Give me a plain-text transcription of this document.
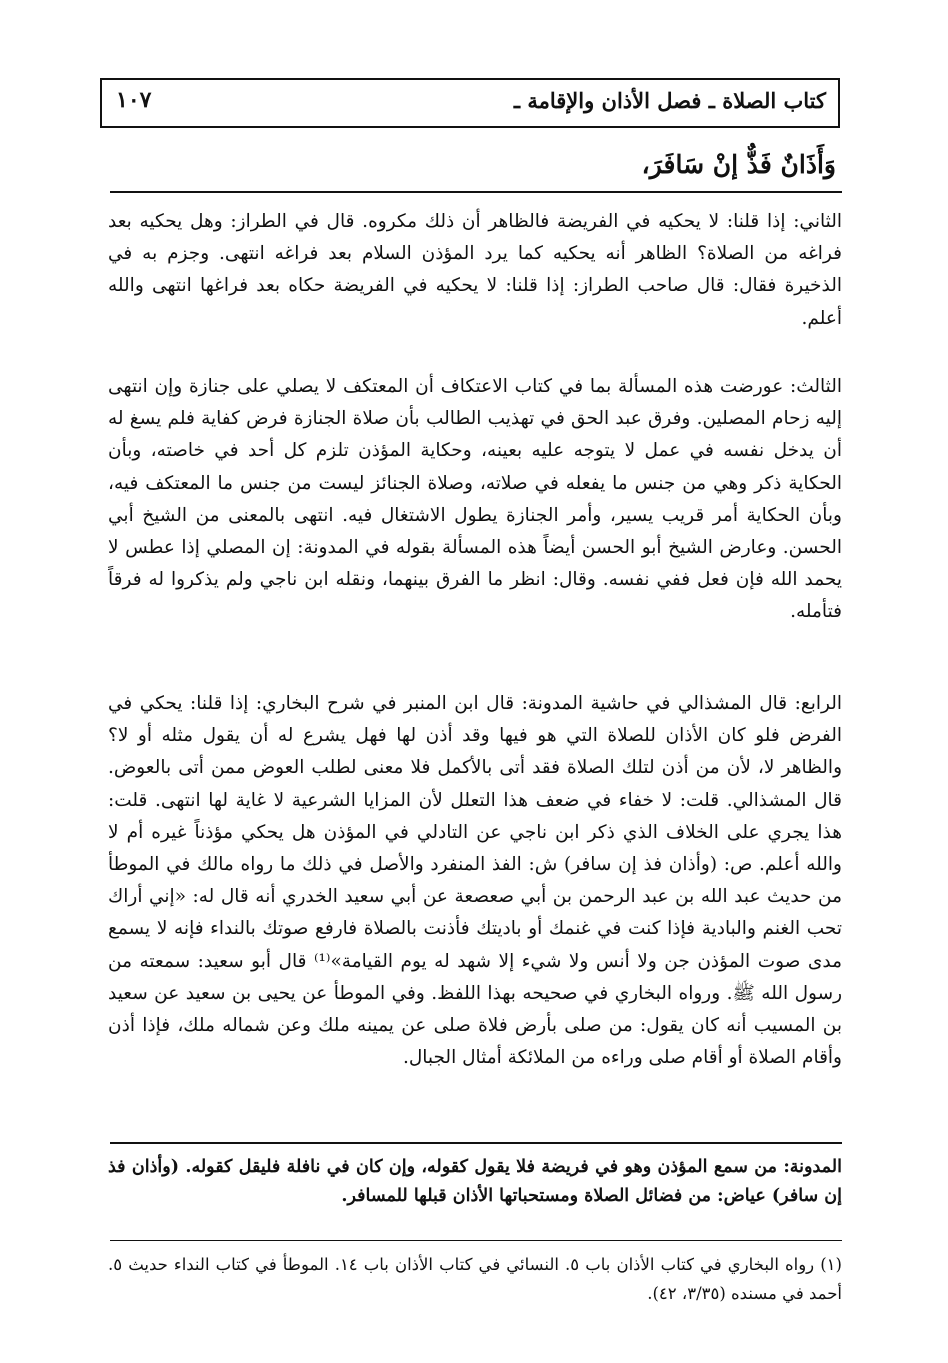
كتاب الصلاة ـ فصل الأذان والإقامة ـ
١٠٧
وَأَذَانٌ فَذٌّ إنْ سَافَرَ،

الثاني: إذا قلنا: لا يحكيه في الفريضة فالظاهر أن ذلك مكروه. قال في الطراز: وهل يحكيه بعد فراغه من الصلاة؟ الظاهر أنه يحكيه كما يرد المؤذن السلام بعد فراغه انتهى. وجزم به في الذخيرة فقال: قال صاحب الطراز: إذا قلنا: لا يحكيه في الفريضة حكاه بعد فراغها انتهى والله أعلم.

الثالث: عورضت هذه المسألة بما في كتاب الاعتكاف أن المعتكف لا يصلي على جنازة وإن انتهى إليه زحام المصلين. وفرق عبد الحق في تهذيب الطالب بأن صلاة الجنازة فرض كفاية فلم يسغ له أن يدخل نفسه في عمل لا يتوجه عليه بعينه، وحكاية المؤذن تلزم كل أحد في خاصته، وبأن الحكاية ذكر وهي من جنس ما يفعله في صلاته، وصلاة الجنائز ليست من جنس ما المعتكف فيه، وبأن الحكاية أمر قريب يسير، وأمر الجنازة يطول الاشتغال فيه. انتهى بالمعنى من الشيخ أبي الحسن. وعارض الشيخ أبو الحسن أيضاً هذه المسألة بقوله في المدونة: إن المصلي إذا عطس لا يحمد الله فإن فعل ففي نفسه. وقال: انظر ما الفرق بينهما، ونقله ابن ناجي ولم يذكروا له فرقاً فتأمله.

الرابع: قال المشذالي في حاشية المدونة: قال ابن المنبر في شرح البخاري: إذا قلنا: يحكي في الفرض فلو كان الأذان للصلاة التي هو فيها وقد أذن لها فهل يشرع له أن يقول مثله أو لا؟ والظاهر لا، لأن من أذن لتلك الصلاة فقد أتى بالأكمل فلا معنى لطلب العوض ممن أتى بالعوض. قال المشذالي. قلت: لا خفاء في ضعف هذا التعلل لأن المزايا الشرعية لا غاية لها انتهى. قلت: هذا يجري على الخلاف الذي ذكر ابن ناجي عن التادلي في المؤذن هل يحكي مؤذناً غيره أم لا والله أعلم. ص: (وأذان فذ إن سافر) ش: الفذ المنفرد والأصل في ذلك ما رواه مالك في الموطأ من حديث عبد الله بن عبد الرحمن بن أبي صعصعة عن أبي سعيد الخدري أنه قال له: «إني أراك تحب الغنم والبادية فإذا كنت في غنمك أو باديتك فأذنت بالصلاة فارفع صوتك بالنداء فإنه لا يسمع مدى صوت المؤذن جن ولا أنس ولا شيء إلا شهد له يوم القيامة»⁽¹⁾ قال أبو سعيد: سمعته من رسول الله ﷺ. ورواه البخاري في صحيحه بهذا اللفظ. وفي الموطأ عن يحيى بن سعيد عن سعيد بن المسيب أنه كان يقول: من صلى بأرض فلاة صلى عن يمينه ملك وعن شماله ملك، فإذا أذن وأقام الصلاة أو أقام صلى وراءه من الملائكة أمثال الجبال.

المدونة: من سمع المؤذن وهو في فريضة فلا يقول كقوله، وإن كان في نافلة فليقل كقوله. (وأذان فذ إن سافر) عياض: من فضائل الصلاة ومستحباتها الأذان قبلها للمسافر.

(١) رواه البخاري في كتاب الأذان باب ٥. النسائي في كتاب الأذان باب ١٤. الموطأ في كتاب النداء حديث ٥. أحمد في مسنده (٣/٣٥، ٤٢).
